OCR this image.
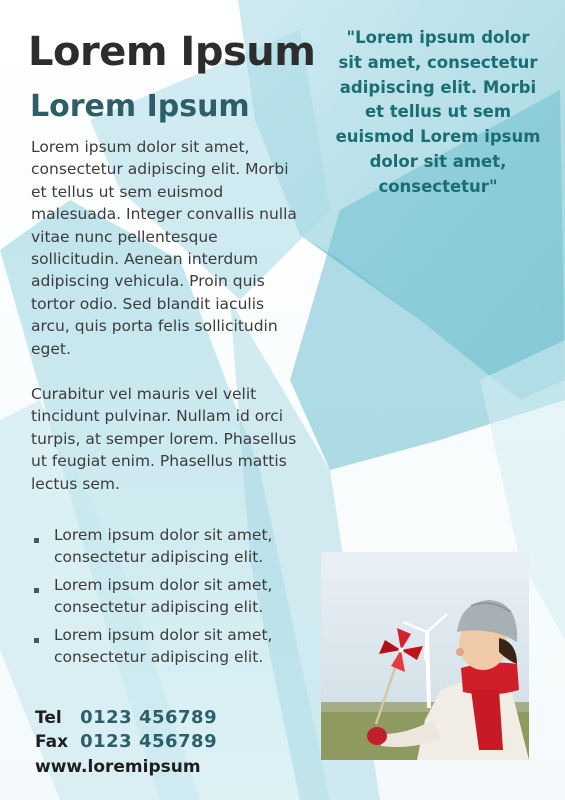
Lorem Ipsum
Lorem Ipsum

"Lorem ipsum dolor sit amet, consectetur adipiscing elit. Morbi et tellus ut sem euismod Lorem ipsum dolor sit amet, consectetur"

Lorem ipsum dolor sit amet, consectetur adipiscing elit. Morbi et tellus ut sem euismod malesuada. Integer convallis nulla vitae nunc pellentesque sollicitudin. Aenean interdum adipiscing vehicula. Proin quis tortor odio. Sed blandit iaculis arcu, quis porta felis sollicitudin eget.

Curabitur vel mauris vel velit tincidunt pulvinar. Nullam id orci turpis, at semper lorem. Phasellus ut feugiat enim. Phasellus mattis lectus sem.

Lorem ipsum dolor sit amet, consectetur adipiscing elit.
Lorem ipsum dolor sit amet, consectetur adipiscing elit.
Lorem ipsum dolor sit amet, consectetur adipiscing elit.
Tel 0123 456789
Fax 0123 456789
www.loremipsum
